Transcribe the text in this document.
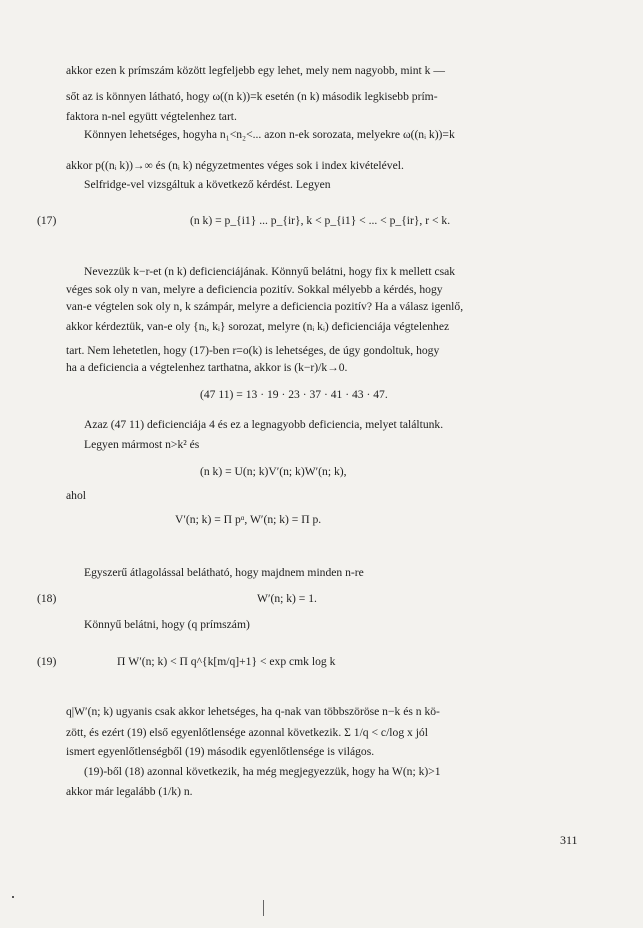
akkor ezen k prímszám között legfeljebb egy lehet, mely nem nagyobb, mint k —
sőt az is könnyen látható, hogy ω((n k))=k esetén (n k) második legkisebb prím-
faktora n-nel együtt végtelenhez tart.
Könnyen lehetséges, hogyha n₁<n₂<... azon n-ek sorozata, melyekre ω((nᵢ k))=k
akkor p((nᵢ k))→∞ és (nᵢ k) négyzetmentes véges sok i index kivételével.
Selfridge-vel vizsgáltuk a következő kérdést. Legyen
(17)	(n k) = p_{i1} ... p_{ir}, k < p_{i1} < ... < p_{ir}, r < k.
Nevezzük k−r-et (n k) deficienciájának. Könnyű belátni, hogy fix k mellett csak
véges sok oly n van, melyre a deficiencia pozitív. Sokkal mélyebb a kérdés, hogy
van-e végtelen sok oly n, k számpár, melyre a deficiencia pozitív? Ha a válasz igenlő,
akkor kérdeztük, van-e oly {nᵢ, kᵢ} sorozat, melyre (nᵢ kᵢ) deficienciája végtelenhez
tart. Nem lehetetlen, hogy (17)-ben r=o(k) is lehetséges, de úgy gondoltuk, hogy
ha a deficiencia a végtelenhez tarthatna, akkor is (k−r)/k→0.
(47 11) = 13 · 19 · 23 · 37 · 41 · 43 · 47.
Azaz (47 11) deficienciája 4 és ez a legnagyobb deficiencia, melyet találtunk.
Legyen mármost n>k² és
(n k) = U(n; k)V′(n; k)W′(n; k),
ahol
V′(n; k) = Π pᵅ, W′(n; k) = Π p.
Egyszerű átlagolással belátható, hogy majdnem minden n-re
(18)	W′(n; k) = 1.
Könnyű belátni, hogy (q prímszám)
(19)	Π W′(n; k) < Π q^{k[m/q]+1} < exp cmk log k
q|W′(n; k) ugyanis csak akkor lehetséges, ha q-nak van többszöröse n−k és n kö-
zött, és ezért (19) első egyenlőtlensége azonnal következik. Σ 1/q < c/log x jól
ismert egyenlőtlenségből (19) második egyenlőtlensége is világos.
(19)-ből (18) azonnal következik, ha még megjegyezzük, hogy ha W(n; k)>1
akkor már legalább (1/k) n.
311
